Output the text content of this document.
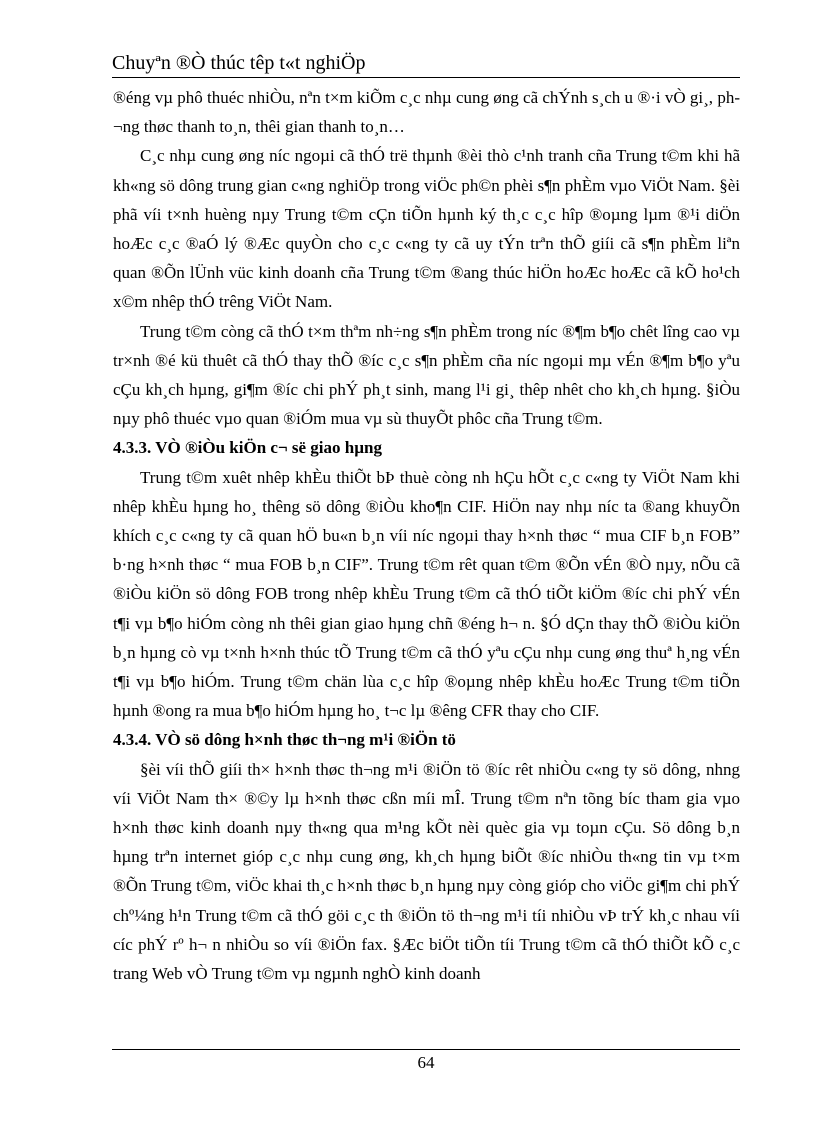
Chuyªn ®Ò thúc têp t«t nghiÖp

®éng vµ phô thuéc nhiÒu, nªn t×m kiÕm c¸c nhµ cung øng cã chÝnh s¸ch u ®·i vÒ gi¸, ph¬ng thøc thanh to¸n, thêi gian thanh to¸n…

C¸c nhµ cung øng níc ngoµi cã thÓ trë thµnh ®èi thò c¹nh tranh cña Trung t©m khi hã kh«ng sö dông trung gian c«ng nghiÖp trong viÖc ph©n phèi s¶n phÈm vµo ViÖt Nam. §èi phã víi t×nh huèng nµy Trung t©m cÇn tiÕn hµnh ký th¸c c¸c hîp ®oµng lµm ®¹i diÖn hoÆc c¸c ®aÓ lý ®Æc quyÒn cho c¸c c«ng ty cã uy tÝn trªn thÕ giíi cã s¶n phÈm liªn quan ®Õn lÜnh vüc kinh doanh cña Trung t©m ®ang thúc hiÖn hoÆc hoÆc cã kÕ ho¹ch x©m nhêp thÓ trêng ViÖt Nam.

Trung t©m còng cã thÓ t×m thªm nh÷ng s¶n phÈm trong níc ®¶m b¶o chêt lîng cao vµ tr×nh ®é kü thuêt cã thÓ thay thÕ ®íc c¸c s¶n phÈm cña níc ngoµi mµ vÉn ®¶m b¶o yªu cÇu kh¸ch hµng, gi¶m ®íc chi phÝ ph¸t sinh, mang l¹i gi¸ thêp nhêt cho kh¸ch hµng. §iÒu nµy phô thuéc vµo quan ®iÓm mua vµ sù thuyÕt phôc cña Trung t©m.

4.3.3. VÒ ®iÒu kiÖn c¬ së giao hµng

Trung t©m xuêt nhêp khÈu thiÕt bÞ thuè còng nh hÇu hÕt c¸c c«ng ty ViÖt Nam khi nhêp khÈu hµng ho¸ thêng sö dông ®iÒu kho¶n CIF. HiÖn nay nhµ níc ta ®ang khuyÕn khích c¸c c«ng ty cã quan hÖ bu«n b¸n víi níc ngoµi thay h×nh thøc “ mua CIF b¸n FOB” b·ng h×nh thøc “ mua FOB b¸n CIF”. Trung t©m rêt quan t©m ®Õn vÉn ®Ò nµy, nÕu cã ®iÒu kiÖn sö dông FOB trong nhêp khÈu Trung t©m cã thÓ tiÕt kiÖm ®íc chi phÝ vÉn t¶i vµ b¶o hiÓm còng nh thêi gian giao hµng chñ ®éng h¬ n. §Ó dÇn thay thÕ ®iÒu kiÖn b¸n hµng cò vµ t×nh h×nh thúc tÕ Trung t©m cã thÓ yªu cÇu nhµ cung øng thuª h¸ng vÉn t¶i vµ b¶o hiÓm. Trung t©m chän lùa c¸c hîp ®oµng nhêp khÈu hoÆc Trung t©m tiÕn hµnh ®ong ra mua b¶o hiÓm hµng ho¸ t¬c lµ ®êng CFR thay cho CIF.

4.3.4. VÒ sö dông h×nh thøc th¬ng m¹i ®iÖn tö

§èi víi thÕ giíi th× h×nh thøc th¬ng m¹i ®iÖn tö ®íc rêt nhiÒu c«ng ty sö dông, nhng víi ViÖt Nam th× ®©y lµ h×nh thøc cßn míi mÎ. Trung t©m nªn tõng bíc tham gia vµo h×nh thøc kinh doanh nµy th«ng qua m¹ng kÕt nèi quèc gia vµ toµn cÇu. Sö dông b¸n hµng trªn internet gióp c¸c nhµ cung øng, kh¸ch hµng biÕt ®íc nhiÒu th«ng tin vµ t×m ®Õn Trung t©m, viÖc khai th¸c h×nh thøc b¸n hµng nµy còng gióp cho viÖc gi¶m chi phÝ chº¼ng h¹n Trung t©m cã thÓ göi c¸c th ®iÖn tö th¬ng m¹i tíi nhiÒu vÞ trÝ kh¸c nhau víi cíc phÝ rº h¬ n nhiÒu so víi ®iÖn fax. §Æc biÖt tiÕn tíi Trung t©m cã thÓ thiÕt kÕ c¸c trang Web vÒ Trung t©m vµ ngµnh nghÒ kinh doanh

64
